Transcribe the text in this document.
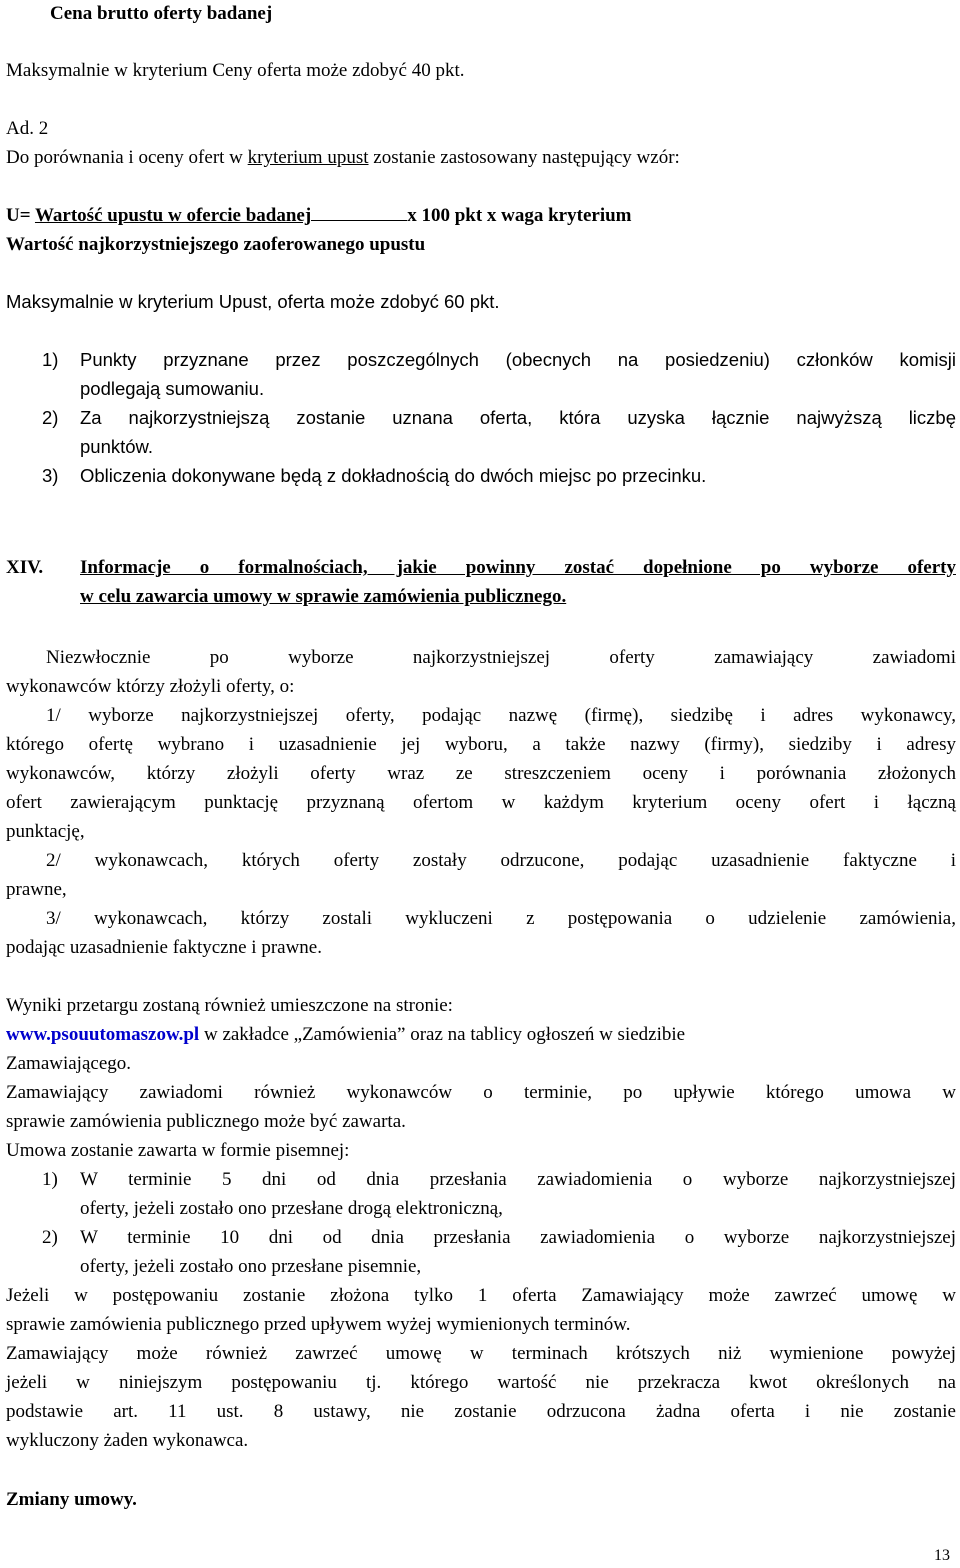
Cena brutto oferty badanej
Maksymalnie w kryterium Ceny oferta może zdobyć 40 pkt.
Ad. 2
Do porównania i oceny ofert w kryterium upust zostanie zastosowany następujący wzór:
U= Wartość upustu w ofercie badanej	x 100 pkt x waga kryterium
Wartość najkorzystniejszego zaoferowanego upustu
Maksymalnie w kryterium Upust, oferta może zdobyć 60 pkt.
1) Punkty przyznane przez poszczególnych (obecnych na posiedzeniu) członków komisji
podlegają sumowaniu.
2) Za najkorzystniejszą zostanie uznana oferta, która uzyska łącznie najwyższą liczbę
punktów.
3) Obliczenia dokonywane będą z dokładnością do dwóch miejsc po przecinku.
XIV. Informacje o formalnościach, jakie powinny zostać dopełnione po wyborze oferty
w celu zawarcia umowy w sprawie zamówienia publicznego.
Niezwłocznie po wyborze najkorzystniejszej oferty zamawiający zawiadomi
wykonawców którzy złożyli oferty, o:
1/ wyborze najkorzystniejszej oferty, podając nazwę (firmę), siedzibę i adres wykonawcy,
którego ofertę wybrano i uzasadnienie jej wyboru, a także nazwy (firmy), siedziby i adresy
wykonawców, którzy złożyli oferty wraz ze streszczeniem oceny i porównania złożonych
ofert zawierającym punktację przyznaną ofertom w każdym kryterium oceny ofert i łączną
punktację,
2/ wykonawcach, których oferty zostały odrzucone, podając uzasadnienie faktyczne i
prawne,
3/ wykonawcach, którzy zostali wykluczeni z postępowania o udzielenie zamówienia,
podając uzasadnienie faktyczne i prawne.
Wyniki przetargu zostaną również umieszczone na stronie:
www.psouutomaszow.pl w zakładce „Zamówienia” oraz na tablicy ogłoszeń w siedzibie
Zamawiającego.
Zamawiający zawiadomi również wykonawców o terminie, po upływie którego umowa w
sprawie zamówienia publicznego może być zawarta.
Umowa zostanie zawarta w formie pisemnej:
1) W terminie 5 dni od dnia przesłania zawiadomienia o wyborze najkorzystniejszej
oferty, jeżeli zostało ono przesłane drogą elektroniczną,
2) W terminie 10 dni od dnia przesłania zawiadomienia o wyborze najkorzystniejszej
oferty, jeżeli zostało ono przesłane pisemnie,
Jeżeli w postępowaniu zostanie złożona tylko 1 oferta Zamawiający może zawrzeć umowę w
sprawie zamówienia publicznego przed upływem wyżej wymienionych terminów.
Zamawiający może również zawrzeć umowę w terminach krótszych niż wymienione powyżej
jeżeli w niniejszym postępowaniu tj. którego wartość nie przekracza kwot określonych na
podstawie art. 11 ust. 8 ustawy, nie zostanie odrzucona żadna oferta i nie zostanie
wykluczony żaden wykonawca.
Zmiany umowy.
13
